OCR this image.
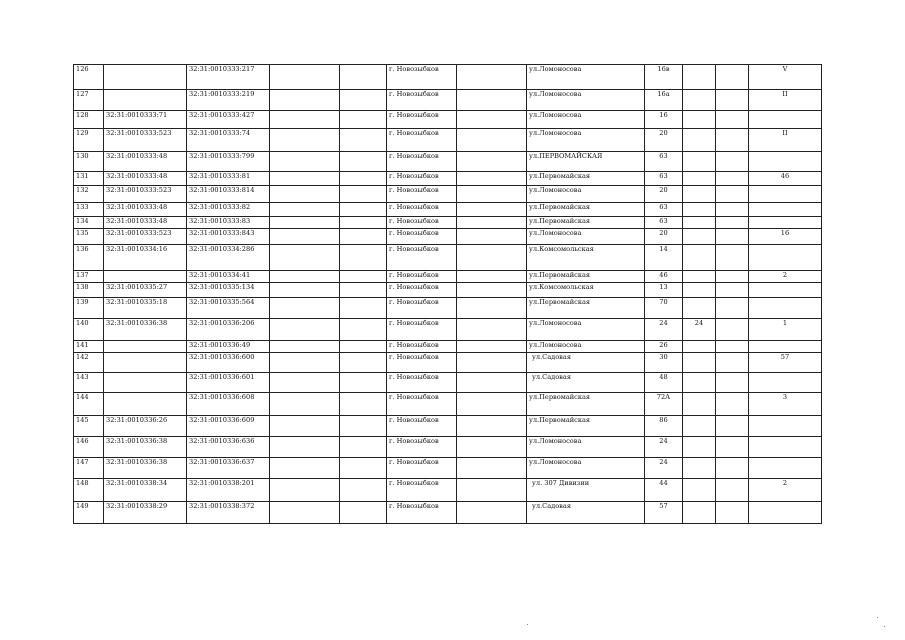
126		32:31:0010333:217			г. Новозыбков		ул.Ломоносова	16в			V
127		32:31:0010333:219			г. Новозыбков		ул.Ломоносова	16а			II
128	32:31:0010333:71	32:31:0010333:427			г. Новозыбков		ул.Ломоносова	16			
129	32:31:0010333:523	32:31:0010333:74			г. Новозыбков		ул.Ломоносова	20			II
130	32:31:0010333:48	32:31:0010333:799			г. Новозыбков		ул.ПЕРВОМАЙСКАЯ	63			
131	32:31:0010333:48	32:31:0010333:81			г. Новозыбков		ул.Первомайская	63			46
132	32:31:0010333:523	32:31:0010333:814			г. Новозыбков		ул.Ломоносова	20			
133	32:31:0010333:48	32:31:0010333:82			г. Новозыбков		ул.Первомайская	63			
134	32:31:0010333:48	32:31:0010333:83			г. Новозыбков		ул.Первомайская	63			
135	32:31:0010333:523	32:31:0010333:843			г. Новозыбков		ул.Ломоносова	20			16
136	32:31:0010334:16	32:31:0010334:286			г. Новозыбков		ул.Комсомольская	14			
137		32:31:0010334:41			г. Новозыбков		ул.Первомайская	46			2
138	32:31:0010335:27	32:31:0010335:134			г. Новозыбков		ул.Комсомольская	13			
139	32:31:0010335:18	32:31:0010335:564			г. Новозыбков		ул.Первомайская	70			
140	32:31:0010336:38	32:31:0010336:206			г. Новозыбков		ул.Ломоносова	24	24		1
141		32:31:0010336:49			г. Новозыбков		ул.Ломоносова	26			
142		32:31:0010336:600			г. Новозыбков		ул.Садовая	30			57
143		32:31:0010336:601			г. Новозыбков		ул.Садовая	48			
144		32:31:0010336:608			г. Новозыбков		ул.Первомайская	72А			3
145	32:31:0010336:26	32:31:0010336:609			г. Новозыбков		ул.Первомайская	86			
146	32:31:0010336:38	32:31:0010336:636			г. Новозыбков		ул.Ломоносова	24			
147	32:31:0010336:38	32:31:0010336:637			г. Новозыбков		ул.Ломоносова	24			
148	32:31:0010338:34	32:31:0010338:201			г. Новозыбков		ул. 307 Дивизии	44			2
149	32:31:0010338:29	32:31:0010338:372			г. Новозыбков		ул.Садовая	57			
